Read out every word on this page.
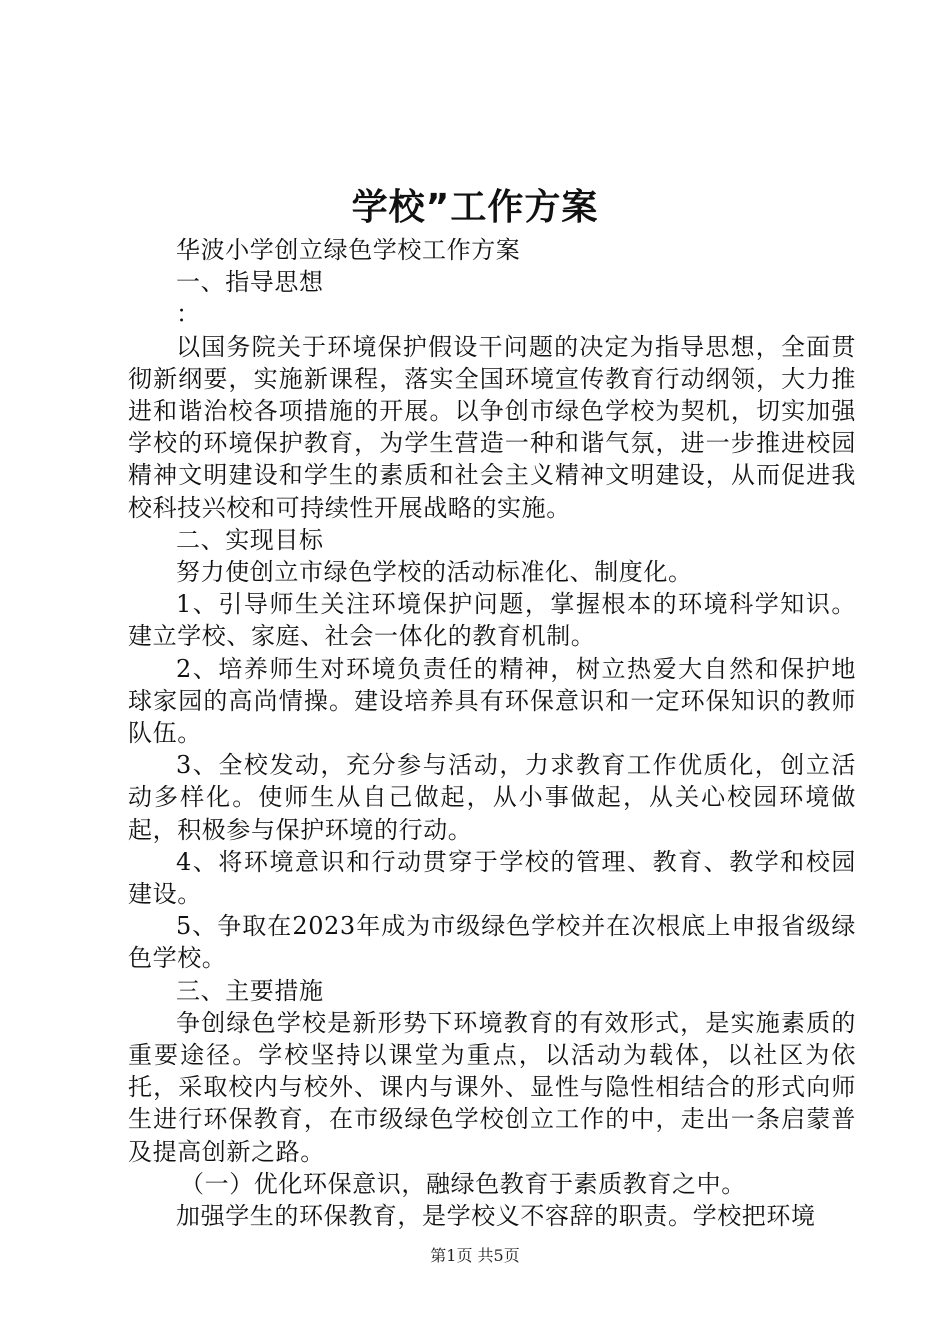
学校”工作方案

华波小学创立绿色学校工作方案

一、指导思想

：

以国务院关于环境保护假设干问题的决定为指导思想，全面贯彻新纲要，实施新课程，落实全国环境宣传教育行动纲领，大力推进和谐治校各项措施的开展。以争创市绿色学校为契机，切实加强学校的环境保护教育，为学生营造一种和谐气氛，进一步推进校园精神文明建设和学生的素质和社会主义精神文明建设，从而促进我校科技兴校和可持续性开展战略的实施。

二、实现目标

努力使创立市绿色学校的活动标准化、制度化。

1、引导师生关注环境保护问题，掌握根本的环境科学知识。建立学校、家庭、社会一体化的教育机制。

2、培养师生对环境负责任的精神，树立热爱大自然和保护地球家园的高尚情操。建设培养具有环保意识和一定环保知识的教师队伍。

3、全校发动，充分参与活动，力求教育工作优质化，创立活动多样化。使师生从自己做起，从小事做起，从关心校园环境做起，积极参与保护环境的行动。

4、将环境意识和行动贯穿于学校的管理、教育、教学和校园建设。

5、争取在2023年成为市级绿色学校并在次根底上申报省级绿色学校。

三、主要措施

争创绿色学校是新形势下环境教育的有效形式，是实施素质的重要途径。学校坚持以课堂为重点，以活动为载体，以社区为依托，采取校内与校外、课内与课外、显性与隐性相结合的形式向师生进行环保教育，在市级绿色学校创立工作的中，走出一条启蒙普及提高创新之路。

（一）优化环保意识，融绿色教育于素质教育之中。

加强学生的环保教育，是学校义不容辞的职责。学校把环境

第1页 共5页
